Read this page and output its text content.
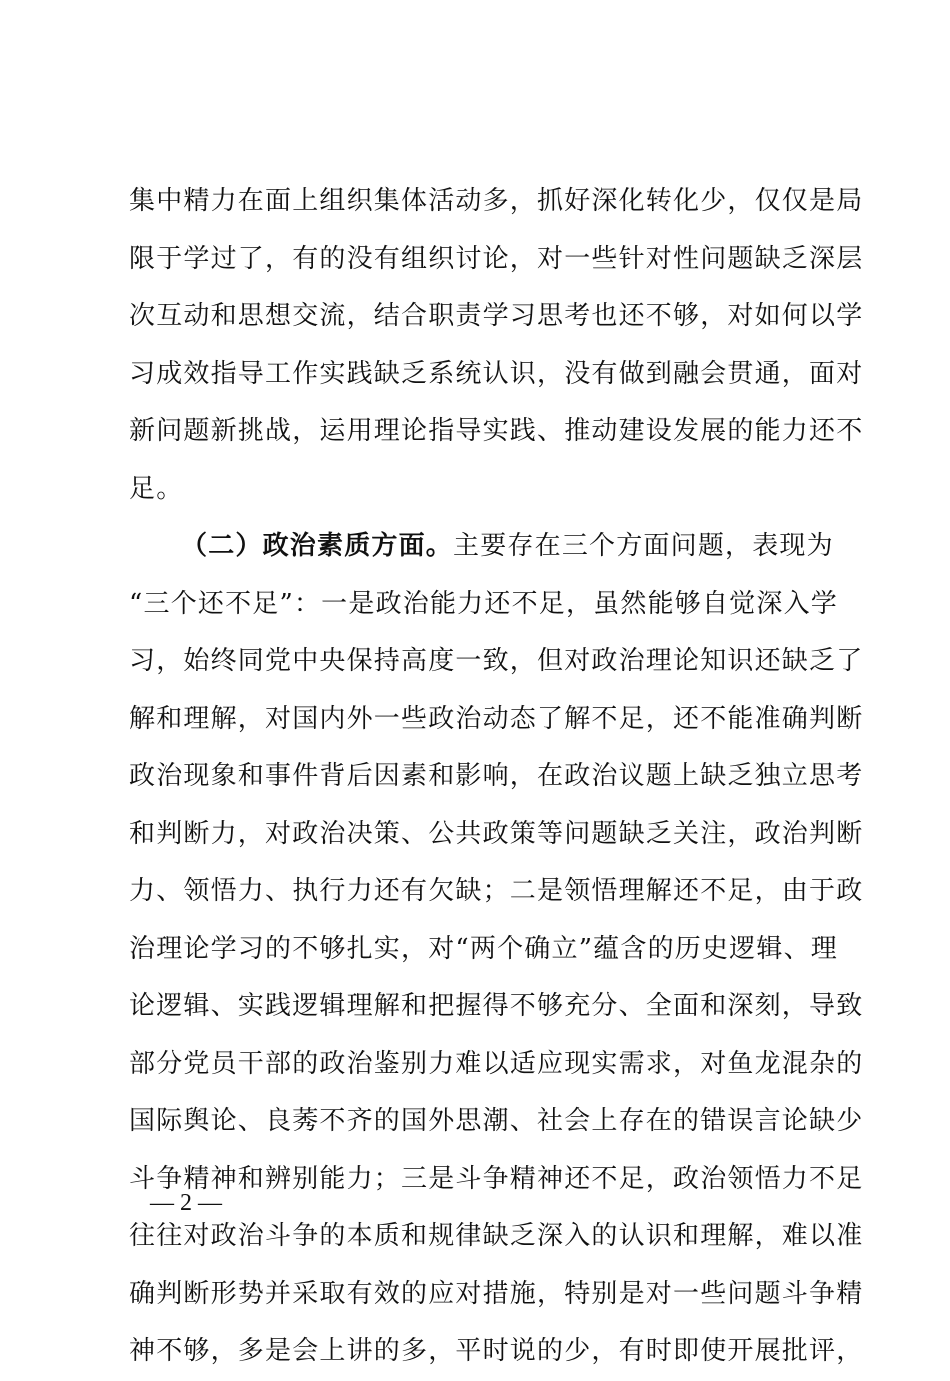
集中精力在面上组织集体活动多，抓好深化转化少，仅仅是局
限于学过了，有的没有组织讨论，对一些针对性问题缺乏深层
次互动和思想交流，结合职责学习思考也还不够，对如何以学
习成效指导工作实践缺乏系统认识，没有做到融会贯通，面对
新问题新挑战，运用理论指导实践、推动建设发展的能力还不
足。
（二）政治素质方面。主要存在三个方面问题，表现为
“三个还不足”：一是政治能力还不足，虽然能够自觉深入学
习，始终同党中央保持高度一致，但对政治理论知识还缺乏了
解和理解，对国内外一些政治动态了解不足，还不能准确判断
政治现象和事件背后因素和影响，在政治议题上缺乏独立思考
和判断力，对政治决策、公共政策等问题缺乏关注，政治判断
力、领悟力、执行力还有欠缺；二是领悟理解还不足，由于政
治理论学习的不够扎实，对“两个确立”蕴含的历史逻辑、理
论逻辑、实践逻辑理解和把握得不够充分、全面和深刻，导致
部分党员干部的政治鉴别力难以适应现实需求，对鱼龙混杂的
国际舆论、良莠不齐的国外思潮、社会上存在的错误言论缺少
斗争精神和辨别能力；三是斗争精神还不足，政治领悟力不足
往往对政治斗争的本质和规律缺乏深入的认识和理解，难以准
确判断形势并采取有效的应对措施，特别是对一些问题斗争精
神不够，多是会上讲的多，平时说的少，有时即使开展批评，
— 2 —
